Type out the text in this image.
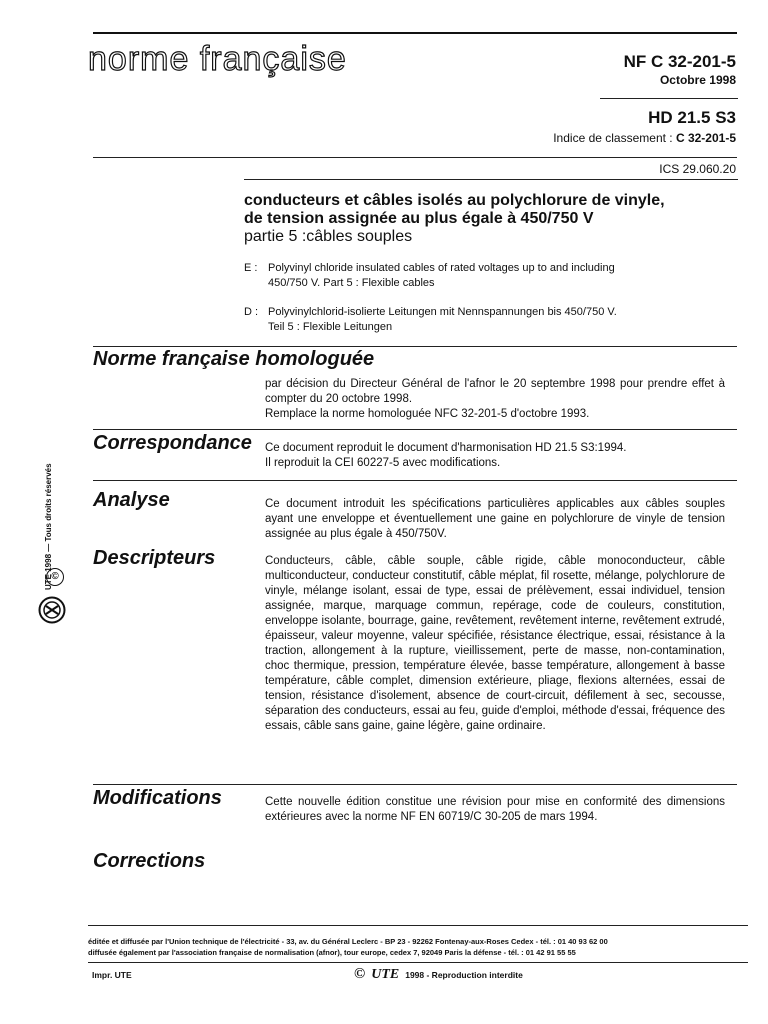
norme française	NF C 32-201-5
Octobre 1998
HD 21.5 S3
Indice de classement : C 32-201-5
ICS 29.060.20
conducteurs et câbles isolés au polychlorure de vinyle,
de tension assignée au plus égale à 450/750 V
partie 5 :câbles souples
E : Polyvinyl chloride insulated cables of rated voltages up to and including
450/750 V. Part 5 : Flexible cables
D : Polyvinylchlorid-isolierte Leitungen mit Nennspannungen bis 450/750 V.
Teil 5 : Flexible Leitungen
Norme française homologuée

par décision du Directeur Général de l'afnor le 20 septembre 1998 pour prendre effet à compter du 20 octobre 1998.

Remplace la norme homologuée NFC 32-201-5 d'octobre 1993.

Correspondance Ce document reproduit le document d'harmonisation HD 21.5 S3:1994.

Il reproduit la CEI 60227-5 avec modifications.

Analyse	Ce document introduit les spécifications particulières applicables aux câbles souples ayant une enveloppe et éventuellement une gaine en polychlorure de vinyle de tension assignée au plus égale à 450/750V.

Descripteurs	Conducteurs, câble, câble souple, câble rigide, câble monoconducteur, câble multiconducteur, conducteur constitutif, câble méplat, fil rosette, mélange, polychlorure de vinyle, mélange isolant, essai de type, essai de prélèvement, essai individuel, tension assignée, marque, marquage commun, repérage, code de couleurs, constitution, enveloppe isolante, bourrage, gaine, revêtement, revêtement interne, revêtement extrudé, épaisseur, valeur moyenne, valeur spécifiée, résistance électrique, essai, résistance à la traction, allongement à la rupture, vieillissement, perte de masse, non-contamination, choc thermique, pression, température élevée, basse température, allongement à basse température, câble complet, dimension extérieure, pliage, flexions alternées, essai de tension, résistance d'isolement, absence de court-circuit, défilement à sec, secousse, séparation des conducteurs, essai au feu, guide d'emploi, méthode d'essai, fréquence des essais, câble sans gaine, gaine légère, gaine ordinaire.

Modifications	Cette nouvelle édition constitue une révision pour mise en conformité des dimensions extérieures avec la norme NF EN 60719/C 30-205 de mars 1994.

Corrections
UTE 1998 — Tous droits réservés
©
éditée et diffusée par l'Union technique de l'électricité - 33, av. du Général Leclerc - BP 23 - 92262 Fontenay-aux-Roses Cedex - tél. : 01 40 93 62 00
diffusée également par l'association française de normalisation (afnor), tour europe, cedex 7, 92049 Paris la défense - tél. : 01 42 91 55 55
Impr. UTE	© UTE 1998 - Reproduction interdite
